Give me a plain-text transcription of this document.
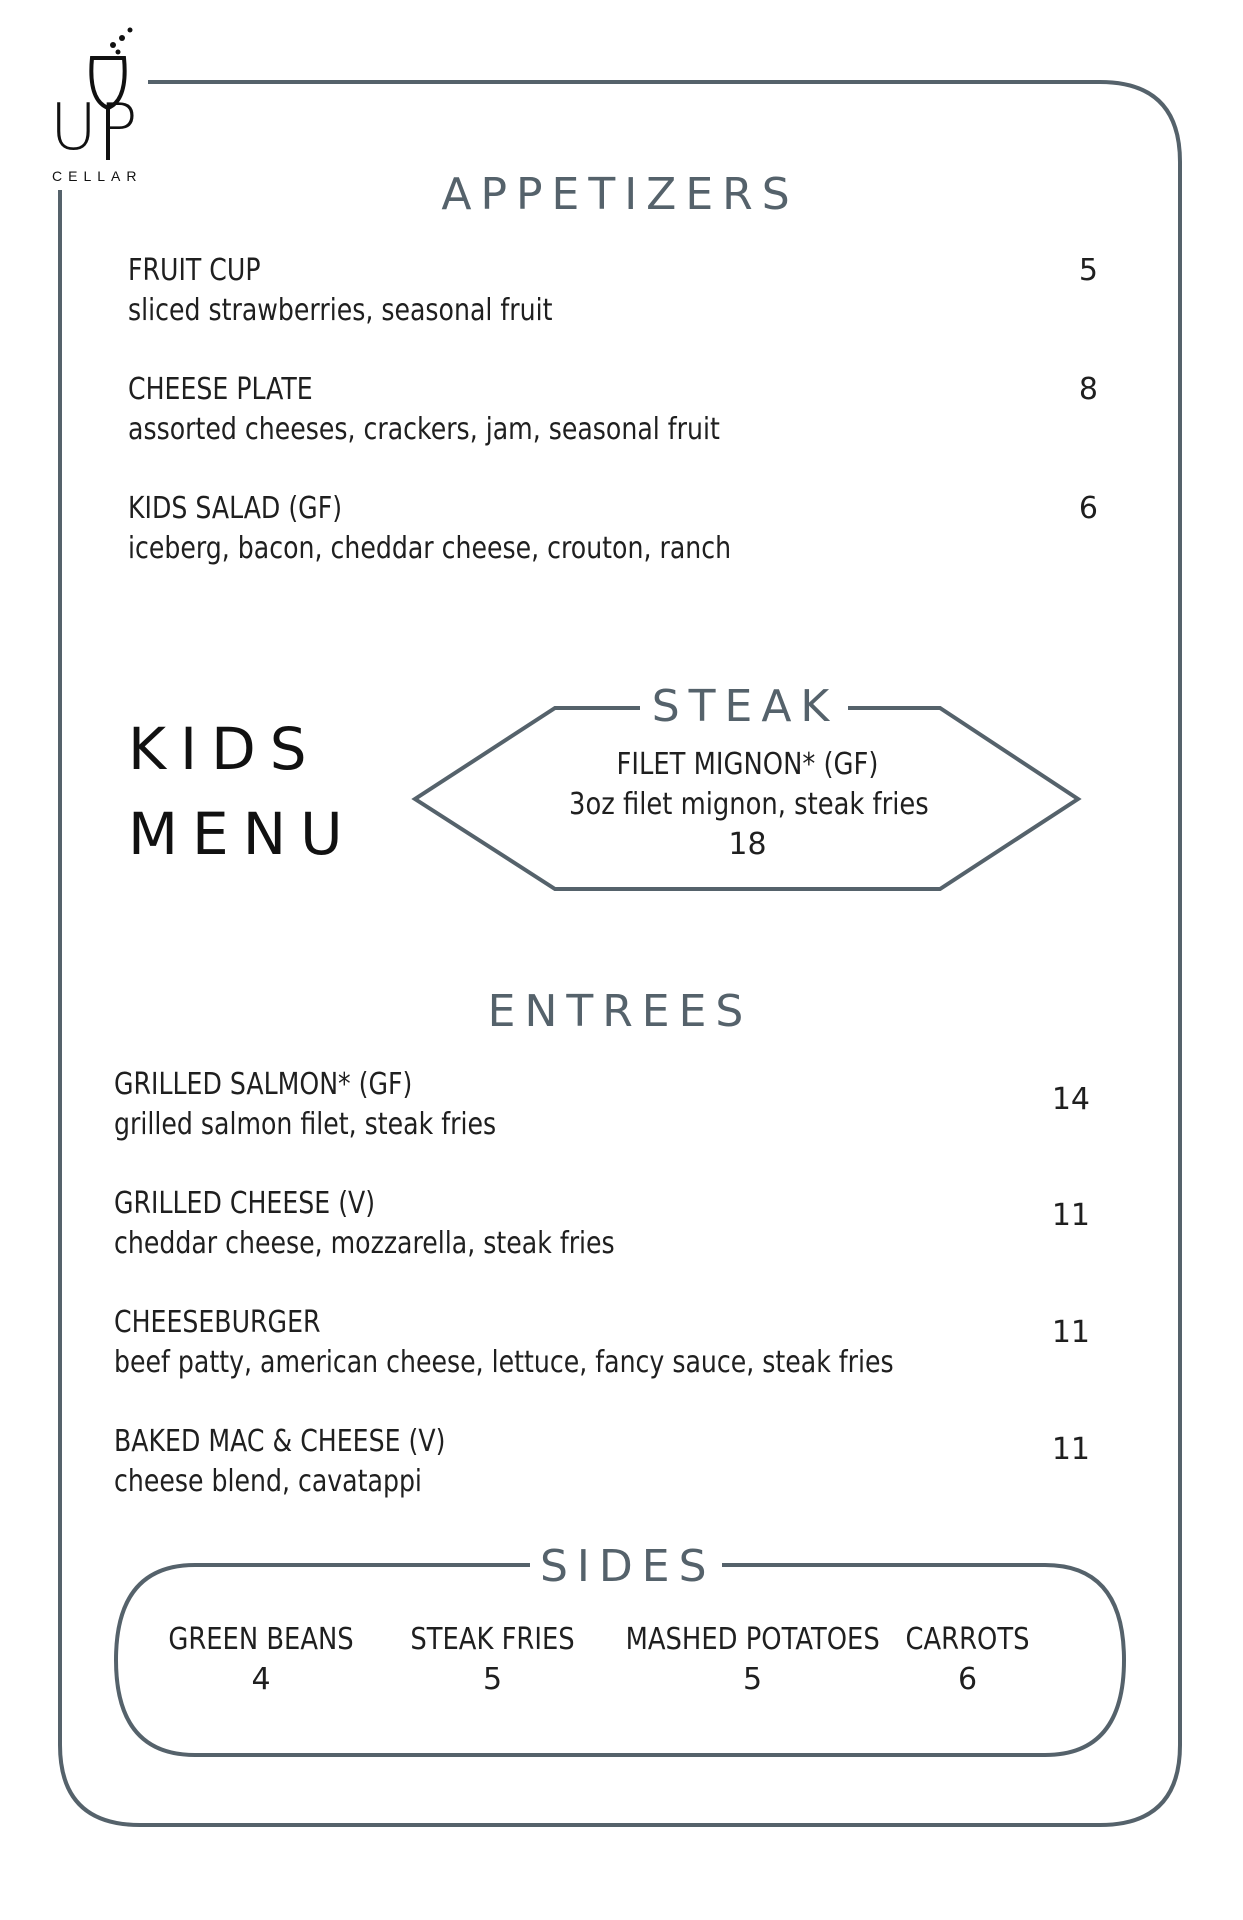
UP
CELLAR	APPETIZERS
FRUIT CUP
sliced strawberries, seasonal fruit
5
CHEESE PLATE
assorted cheeses, crackers, jam, seasonal fruit
8
KIDS SALAD (GF)
iceberg, bacon, cheddar cheese, crouton, ranch
6
KIDS
MENU
STEAK
FILET MIGNON* (GF)
3oz filet mignon, steak fries
18
ENTREES
GRILLED SALMON* (GF)
grilled salmon filet, steak fries
14
GRILLED CHEESE (V)
cheddar cheese, mozzarella, steak fries
11
CHEESEBURGER
beef patty, american cheese, lettuce, fancy sauce, steak fries
11
BAKED MAC & CHEESE (V)
cheese blend, cavatappi
11
SIDES
GREEN BEANS
4
STEAK FRIES
5
MASHED POTATOES
5
CARROTS
6
